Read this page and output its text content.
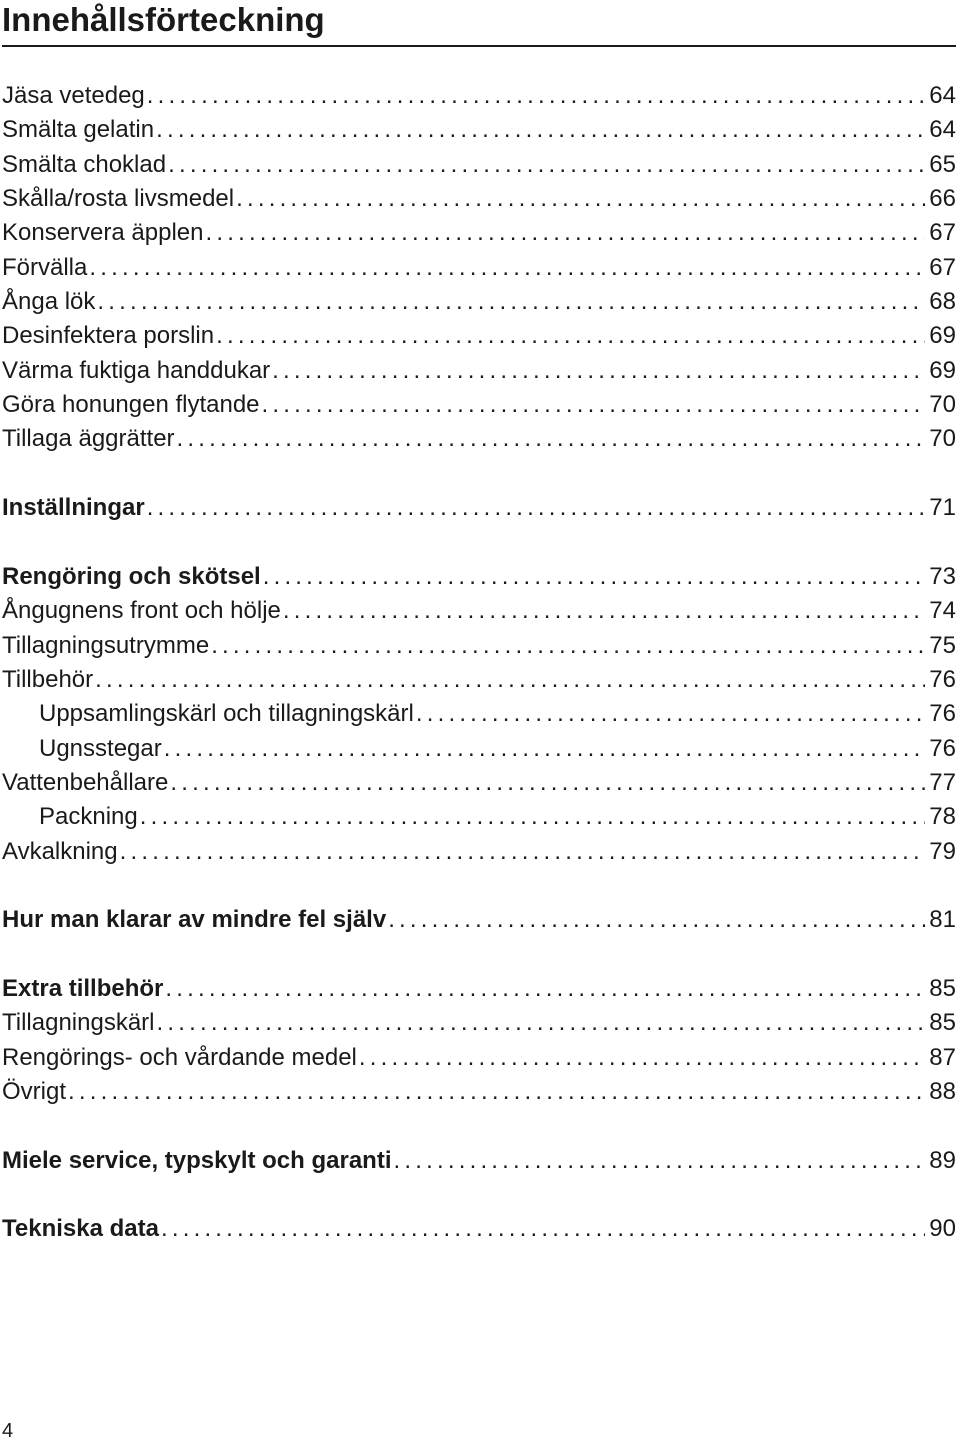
Innehållsförteckning
Jäsa vetedeg .....	64
Smälta gelatin .....	64
Smälta choklad .....	65
Skålla/rosta livsmedel .....	66
Konservera äpplen .....	67
Förvälla .....	67
Ånga lök .....	68
Desinfektera porslin .....	69
Värma fuktiga handdukar .....	69
Göra honungen flytande .....	70
Tillaga äggrätter .....	70
Inställningar .....	71
Rengöring och skötsel .....	73
Ångugnens front och hölje .....	74
Tillagningsutrymme .....	75
Tillbehör .....	76
Uppsamlingskärl och tillagningskärl .....	76
Ugnsstegar .....	76
Vattenbehållare .....	77
Packning .....	78
Avkalkning .....	79
Hur man klarar av mindre fel själv .....	81
Extra tillbehör .....	85
Tillagningskärl .....	85
Rengörings- och vårdande medel .....	87
Övrigt .....	88
Miele service, typskylt och garanti .....	89
Tekniska data .....	90
4
